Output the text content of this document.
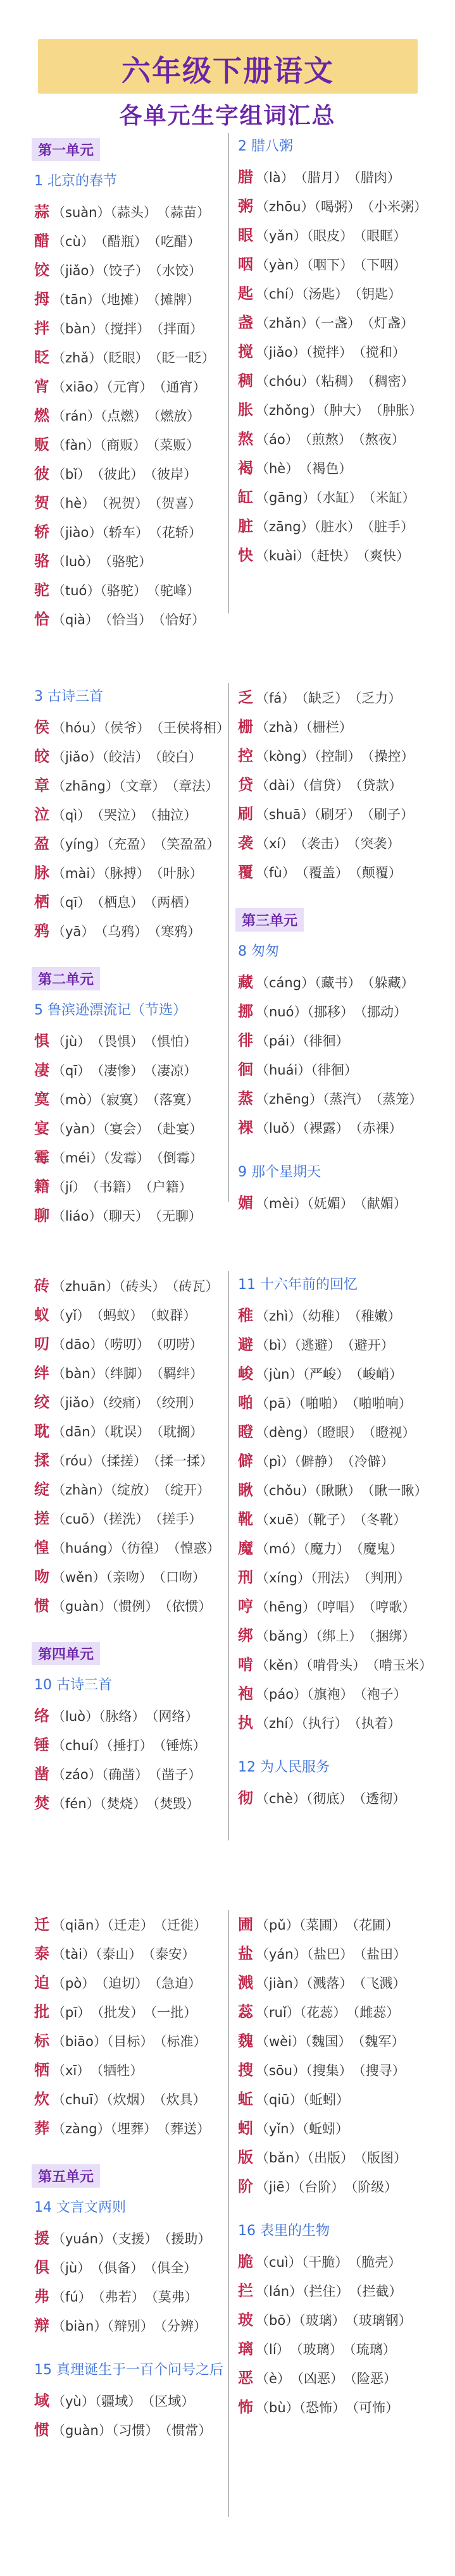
六年级下册语文
各单元生字组词汇总
第一单元

1 北京的春节
蒜 （suàn）（蒜头）　（蒜苗）
醋 （cù）　（醋瓶）　（吃醋）
饺 （jiǎo）（饺子）　（水饺）
拇 （tān）（地摊）　（摊牌）
拌 （bàn）（搅拌）　（拌面）
眨 （zhǎ）（眨眼）　（眨一眨）
宵 （xiāo）（元宵）　（通宵）
燃 （rán）（点燃）　（燃放）
贩 （fàn）（商贩）　（菜贩）
彼 （bǐ）　（彼此）　（彼岸）
贺 （hè）　（祝贺）　（贺喜）
轿 （jiào）（轿车）　（花轿）
骆 （luò）　（骆驼）
驼 （tuó）（骆驼）　（驼峰）
恰 （qià）　（恰当）　（恰好）
2 腊八粥
腊 （là）　（腊月）　（腊肉）
粥 （zhōu）（喝粥）　（小米粥）
眼 （yǎn）（眼皮）　（眼眶）
咽 （yàn）（咽下）　（下咽）
匙 （chí）（汤匙）　（钥匙）
盏 （zhǎn）（一盏）　（灯盏）
搅 （jiǎo）（搅拌）　（搅和）
稠 （chóu）（粘稠）　（稠密）
胀 （zhǒng）（肿大）　（肿胀）
熬 （áo）　（煎熬）　（熬夜）
褐 （hè）　（褐色）
缸 （gāng）（水缸）　（米缸）
脏 （zāng）（脏水）　（脏手）
快 （kuài）（赶快）　（爽快）
3 古诗三首
侯 （hóu）（侯爷）　（王侯将相）
皎 （jiǎo）（皎洁）　（皎白）
章 （zhāng）（文章）　（章法）
泣 （qì）　（哭泣）　（抽泣）
盈 （yíng）（充盈）　（笑盈盈）
脉 （mài）（脉搏）　（叶脉）
栖 （qī）　（栖息）　（两栖）
鸦 （yā）　（乌鸦）　（寒鸦）
第二单元

5 鲁滨逊漂流记（节选）
惧 （jù）　（畏惧）　（惧怕）
凄 （qī）　（凄惨）　（凄凉）
寞 （mò）（寂寞）　（落寞）
宴 （yàn）（宴会）　（赴宴）
霉 （méi）（发霉）　（倒霉）
籍 （jí）　（书籍）　（户籍）
聊 （liáo）（聊天）　（无聊）
乏 （fá）　（缺乏）　（乏力）
栅 （zhà）（栅栏）
控 （kòng）（控制）　（操控）
贷 （dài）（信贷）　（贷款）
刷 （shuā）（刷牙）　（刷子）
袭 （xí）　（袭击）　（突袭）
覆 （fù）　（覆盖）　（颠覆）
第三单元

8 匆匆
藏 （cáng）（藏书）　（躲藏）
挪 （nuó）（挪移）　（挪动）
徘 （pái）（徘徊）
徊 （huái）（徘徊）
蒸 （zhēng）（蒸汽）　（蒸笼）
裸 （luǒ）（裸露）　（赤裸）
9 那个星期天
媚 （mèi）（妩媚）　（献媚）
砖 （zhuān）（砖头）　（砖瓦）
蚁 （yǐ）　（蚂蚁）　（蚁群）
叨 （dāo）（唠叨）　（叨唠）
绊 （bàn）（绊脚）　（羁绊）
绞 （jiǎo）（绞痛）　（绞刑）
耽 （dān）（耽误）　（耽搁）
揉 （róu）（揉搓）　（揉一揉）
绽 （zhàn）（绽放）　（绽开）
搓 （cuō）（搓洗）　（搓手）
惶 （huáng）（彷徨）　（惶惑）
吻 （wěn）（亲吻）　（口吻）
惯 （guàn）（惯例）　（依惯）
第四单元

10 古诗三首
络 （luò）（脉络）　（网络）
锤 （chuí）（捶打）　（锤炼）
凿 （záo）（确凿）　（凿子）
焚 （fén）（焚烧）　（焚毁）
11 十六年前的回忆
稚 （zhì）（幼稚）　（稚嫩）
避 （bì）（逃避）　（避开）
峻 （jùn）（严峻）　（峻峭）
啪 （pā）（啪啪）　（啪啪响）
瞪 （dèng）（瞪眼）　（瞪视）
僻 （pì）（僻静）　（冷僻）
瞅 （chǒu）（瞅瞅）　（瞅一瞅）
靴 （xuē）（靴子）　（冬靴）
魔 （mó）（魔力）　（魔鬼）
刑 （xíng）（刑法）　（判刑）
哼 （hēng）（哼唱）　（哼歌）
绑 （bǎng）（绑上）　（捆绑）
啃 （kěn）（啃骨头）　（啃玉米）
袍 （páo）（旗袍）　（袍子）
执 （zhí）（执行）　（执着）
12 为人民服务
彻 （chè）（彻底）　（透彻）
迁 （qiān）（迁走）　（迁徙）
泰 （tài）（泰山）　（泰安）
迫 （pò）　（迫切）　（急迫）
批 （pī）　（批发）　（一批）
标 （biāo）（目标）　（标准）
牺 （xī）　（牺牲）
炊 （chuī）（炊烟）　（炊具）
葬 （zàng）（埋葬）　（葬送）
第五单元

14 文言文两则
援 （yuán）（支援）　（援助）
俱 （jù）　（俱备）　（俱全）
弗 （fú）　（弗若）　（莫弗）
辩 （biàn）（辩别）　（分辨）
15 真理诞生于一百个问号之后
域 （yù）（疆域）　（区域）
惯 （guàn）（习惯）　（惯常）
圃 （pǔ）（菜圃）　（花圃）
盐 （yán）（盐巴）　（盐田）
溅 （jiàn）（溅落）　（飞溅）
蕊 （ruǐ）（花蕊）　（雌蕊）
魏 （wèi）（魏国）　（魏军）
搜 （sōu）（搜集）　（搜寻）
蚯 （qiū）（蚯蚓）
蚓 （yǐn）（蚯蚓）
版 （bǎn）（出版）　（版图）
阶 （jiē）（台阶）　（阶级）
16 表里的生物
脆 （cuì）（干脆）　（脆壳）
拦 （lán）（拦住）　（拦截）
玻 （bō）（玻璃）　（玻璃钢）
璃 （lí）　（玻璃）　（琉璃）
恶 （è）　（凶恶）　（险恶）
怖 （bù）（恐怖）　（可怖）
